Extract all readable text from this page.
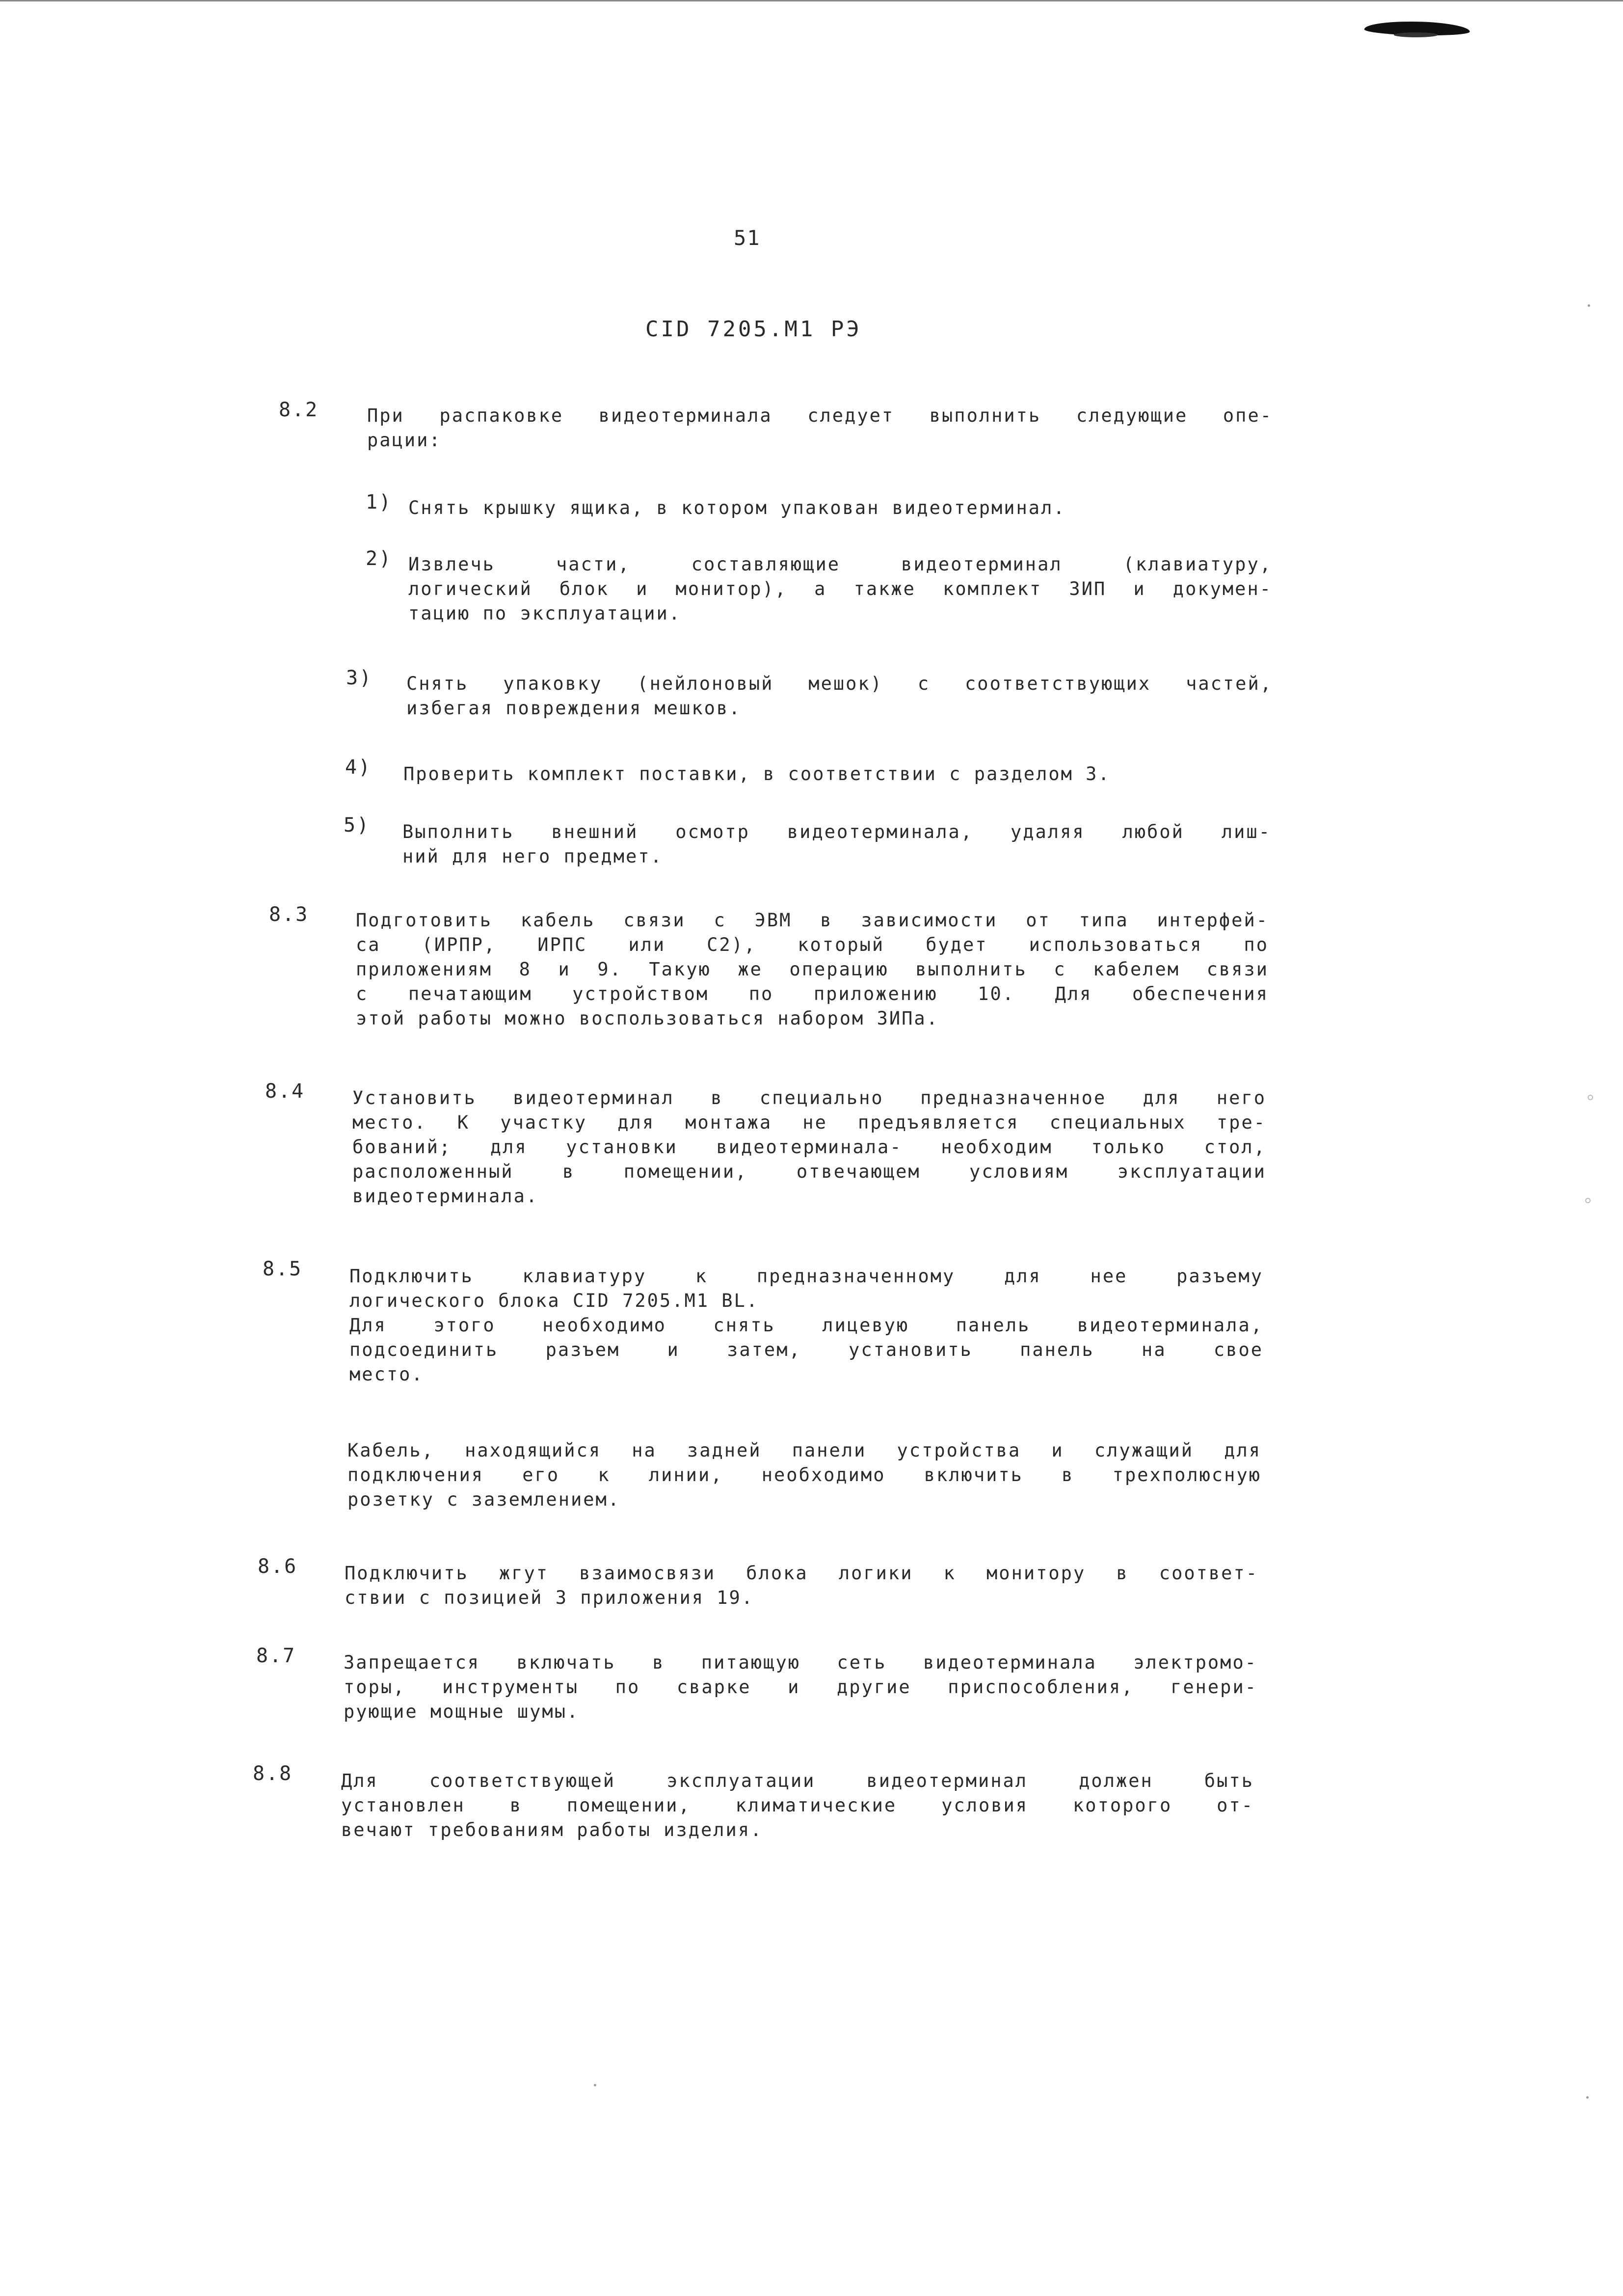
51
CID 7205.M1 РЭ
8.2	При распаковке видеотерминала следует выполнить следующие опе-
рации:
1) Снять крышку ящика, в котором упакован видеотерминал.
2) Извлечь части, составляющие видеотерминал (клавиатуру,
логический блок и монитор), а также комплект ЗИП и докумен-
тацию по эксплуатации.
3) Снять упаковку (нейлоновый мешок) с соответствующих частей,
избегая повреждения мешков.
4) Проверить комплект поставки, в соответствии с разделом 3.
5) Выполнить внешний осмотр видеотерминала, удаляя любой лиш-
ний для него предмет.
8.3	Подготовить кабель связи с ЭВМ в зависимости от типа интерфей-
са (ИРПР, ИРПС или С2), который будет использоваться по
приложениям 8 и 9. Такую же операцию выполнить с кабелем связи
с печатающим устройством по приложению 10. Для обеспечения
этой работы можно воспользоваться набором ЗИПа.
8.4	Установить видеотерминал в специально предназначенное для него
место. К участку для монтажа не предъявляется специальных тре-
бований; для установки видеотерминала- необходим только стол,
расположенный в помещении, отвечающем условиям эксплуатации
видеотерминала.
8.5	Подключить клавиатуру к предназначенному для нее разъему
логического блока CID 7205.M1 BL.
Для этого необходимо снять лицевую панель видеотерминала,
подсоединить разъем и затем, установить панель на свое
место.
Кабель, находящийся на задней панели устройства и служащий для
подключения его к линии, необходимо включить в трехполюсную
розетку с заземлением.
8.6	Подключить жгут взаимосвязи блока логики к монитору в соответ-
ствии с позицией 3 приложения 19.
8.7	Запрещается включать в питающую сеть видеотерминала электромо-
торы, инструменты по сварке и другие приспособления, генери-
рующие мощные шумы.
8.8	Для соответствующей эксплуатации видеотерминал должен быть
установлен в помещении, климатические условия которого от-
вечают требованиям работы изделия.
